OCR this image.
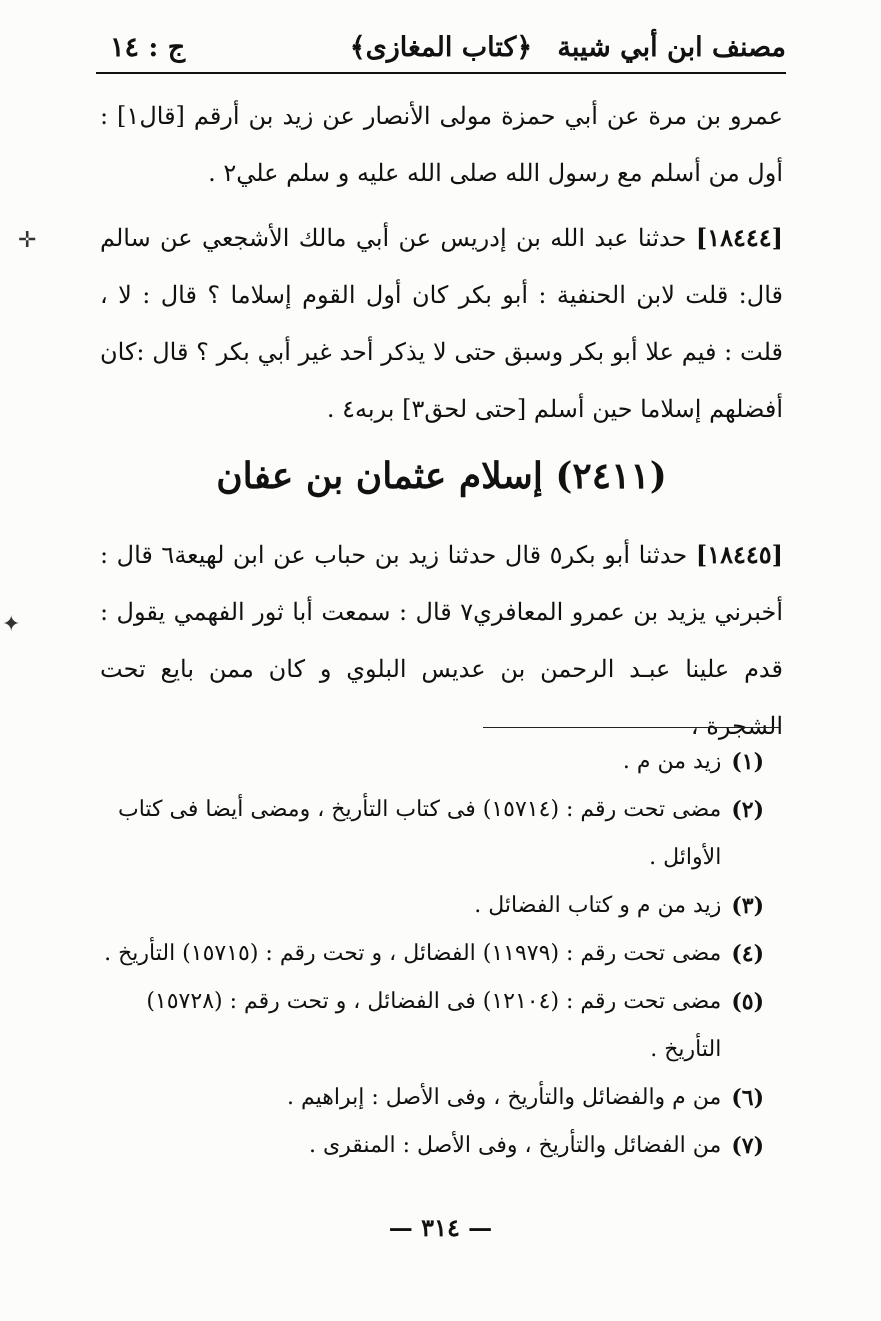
مصنف ابن أبي شيبة
﴿كتاب المغازى﴾
ج : ١٤

عمرو بن مرة عن أبي حمزة مولى الأنصار عن زيد بن أرقم [قال١] : أول من أسلم مع رسول الله صلى الله عليه و سلم علي٢ .

[١٨٤٤٤] حدثنا عبد الله بن إدريس عن أبي مالك الأشجعي عن سالم قال: قلت لابن الحنفية : أبو بكر كان أول القوم إسلاما ؟ قال : لا ، قلت : فيم علا أبو بكر وسبق حتى لا يذكر أحد غير أبي بكر ؟ قال :كان أفضلهم إسلاما حين أسلم [حتى لحق٣] بربه٤ .

(٢٤١١) إسلام عثمان بن عفان

[١٨٤٤٥] حدثنا أبو بكر٥ قال حدثنا زيد بن حباب عن ابن لهيعة٦ قال : أخبرني يزيد بن عمرو المعافري٧ قال : سمعت أبا ثور الفهمي يقول : قدم علينا عبـد الرحمن بن عديس البلوي و كان ممن بايع تحت الشجرة ،

(١)
زيد من م .
(٢)
مضى تحت رقم : (١٥٧١٤) فى كتاب التأريخ ، ومضى أيضا فى كتاب الأوائل .
(٣)
زيد من م و كتاب الفضائل .
(٤)
مضى تحت رقم : (١١٩٧٩) الفضائل ، و تحت رقم : (١٥٧١٥) التأريخ .
(٥)
مضى تحت رقم : (١٢١٠٤) فى الفضائل ، و تحت رقم : (١٥٧٢٨) التأريخ .
(٦)
من م والفضائل والتأريخ ، وفى الأصل : إبراهيم .
(٧)
من الفضائل والتأريخ ، وفى الأصل : المنقرى .
— ٣١٤ —
✛
✦
